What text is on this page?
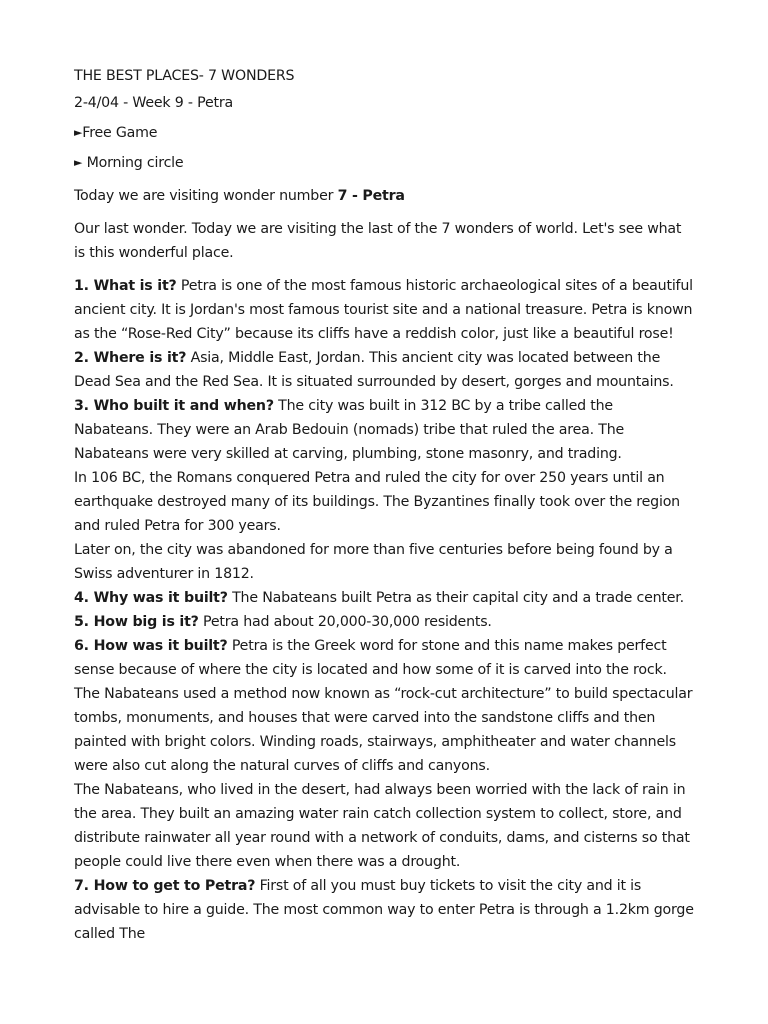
THE BEST PLACES- 7 WONDERS

2-4/04 - Week 9 - Petra

►Free Game

► Morning circle

Today we are visiting wonder number 7 - Petra

Our last wonder. Today we are visiting the last of the 7 wonders of world. Let's see what is this wonderful place.

1. What is it? Petra is one of the most famous historic archaeological sites of a beautiful ancient city. It is Jordan's most famous tourist site and a national treasure. Petra is known as the “Rose-Red City” because its cliffs have a reddish color, just like a beautiful rose!

2. Where is it? Asia, Middle East, Jordan. This ancient city was located between the Dead Sea and the Red Sea. It is situated surrounded by desert, gorges and mountains.

3. Who built it and when? The city was built in 312 BC by a tribe called the Nabateans. They were an Arab Bedouin (nomads) tribe that ruled the area. The Nabateans were very skilled at carving, plumbing, stone masonry, and trading.

In 106 BC, the Romans conquered Petra and ruled the city for over 250 years until an earthquake destroyed many of its buildings. The Byzantines finally took over the region and ruled Petra for 300 years.

Later on, the city was abandoned for more than five centuries before being found by a Swiss adventurer in 1812.

4. Why was it built? The Nabateans built Petra as their capital city and a trade center.

5. How big is it? Petra had about 20,000-30,000 residents.

6. How was it built? Petra is the Greek word for stone and this name makes perfect sense because of where the city is located and how some of it is carved into the rock. The Nabateans used a method now known as “rock-cut architecture” to build spectacular tombs, monuments, and houses that were carved into the sandstone cliffs and then painted with bright colors. Winding roads, stairways, amphitheater and water channels were also cut along the natural curves of cliffs and canyons.

The Nabateans, who lived in the desert, had always been worried with the lack of rain in the area. They built an amazing water rain catch collection system to collect, store, and distribute rainwater all year round with a network of conduits, dams, and cisterns so that people could live there even when there was a drought.

7. How to get to Petra? First of all you must buy tickets to visit the city and it is advisable to hire a guide. The most common way to enter Petra is through a 1.2km gorge called The
